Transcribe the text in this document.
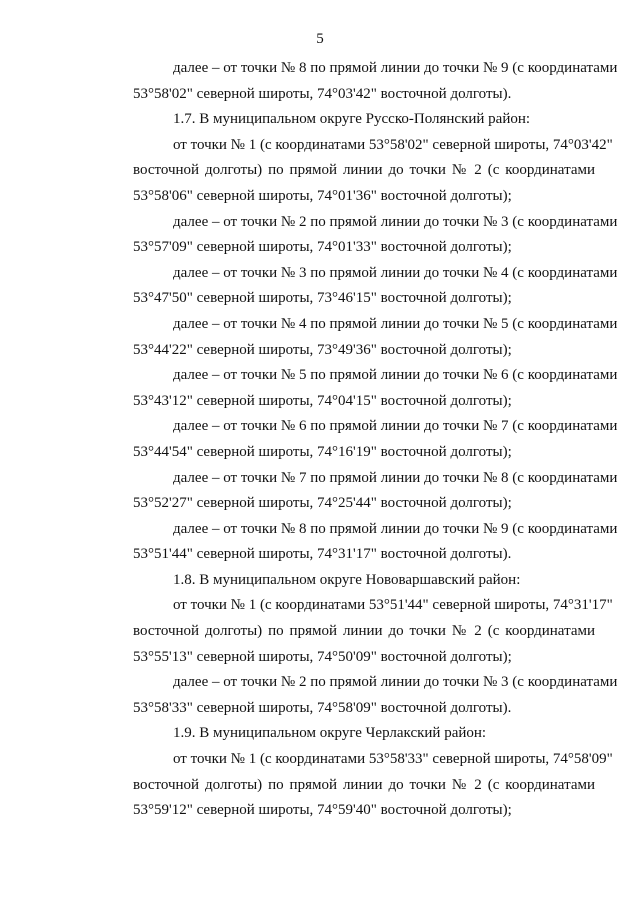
5
далее – от точки № 8 по прямой линии до точки № 9 (с координатами
53°58'02" северной широты, 74°03'42" восточной долготы).
1.7. В муниципальном округе Русско-Полянский район:
от точки № 1 (с координатами 53°58'02" северной широты, 74°03'42"
восточной долготы) по прямой линии до точки № 2 (с координатами
53°58'06" северной широты, 74°01'36" восточной долготы);
далее – от точки № 2 по прямой линии до точки № 3 (с координатами
53°57'09" северной широты, 74°01'33" восточной долготы);
далее – от точки № 3 по прямой линии до точки № 4 (с координатами
53°47'50" северной широты, 73°46'15" восточной долготы);
далее – от точки № 4 по прямой линии до точки № 5 (с координатами
53°44'22" северной широты, 73°49'36" восточной долготы);
далее – от точки № 5 по прямой линии до точки № 6 (с координатами
53°43'12" северной широты, 74°04'15" восточной долготы);
далее – от точки № 6 по прямой линии до точки № 7 (с координатами
53°44'54" северной широты, 74°16'19" восточной долготы);
далее – от точки № 7 по прямой линии до точки № 8 (с координатами
53°52'27" северной широты, 74°25'44" восточной долготы);
далее – от точки № 8 по прямой линии до точки № 9 (с координатами
53°51'44" северной широты, 74°31'17" восточной долготы).
1.8. В муниципальном округе Нововаршавский район:
от точки № 1 (с координатами 53°51'44" северной широты, 74°31'17"
восточной долготы) по прямой линии до точки № 2 (с координатами
53°55'13" северной широты, 74°50'09" восточной долготы);
далее – от точки № 2 по прямой линии до точки № 3 (с координатами
53°58'33" северной широты, 74°58'09" восточной долготы).
1.9. В муниципальном округе Черлакский район:
от точки № 1 (с координатами 53°58'33" северной широты, 74°58'09"
восточной долготы) по прямой линии до точки № 2 (с координатами
53°59'12" северной широты, 74°59'40" восточной долготы);
